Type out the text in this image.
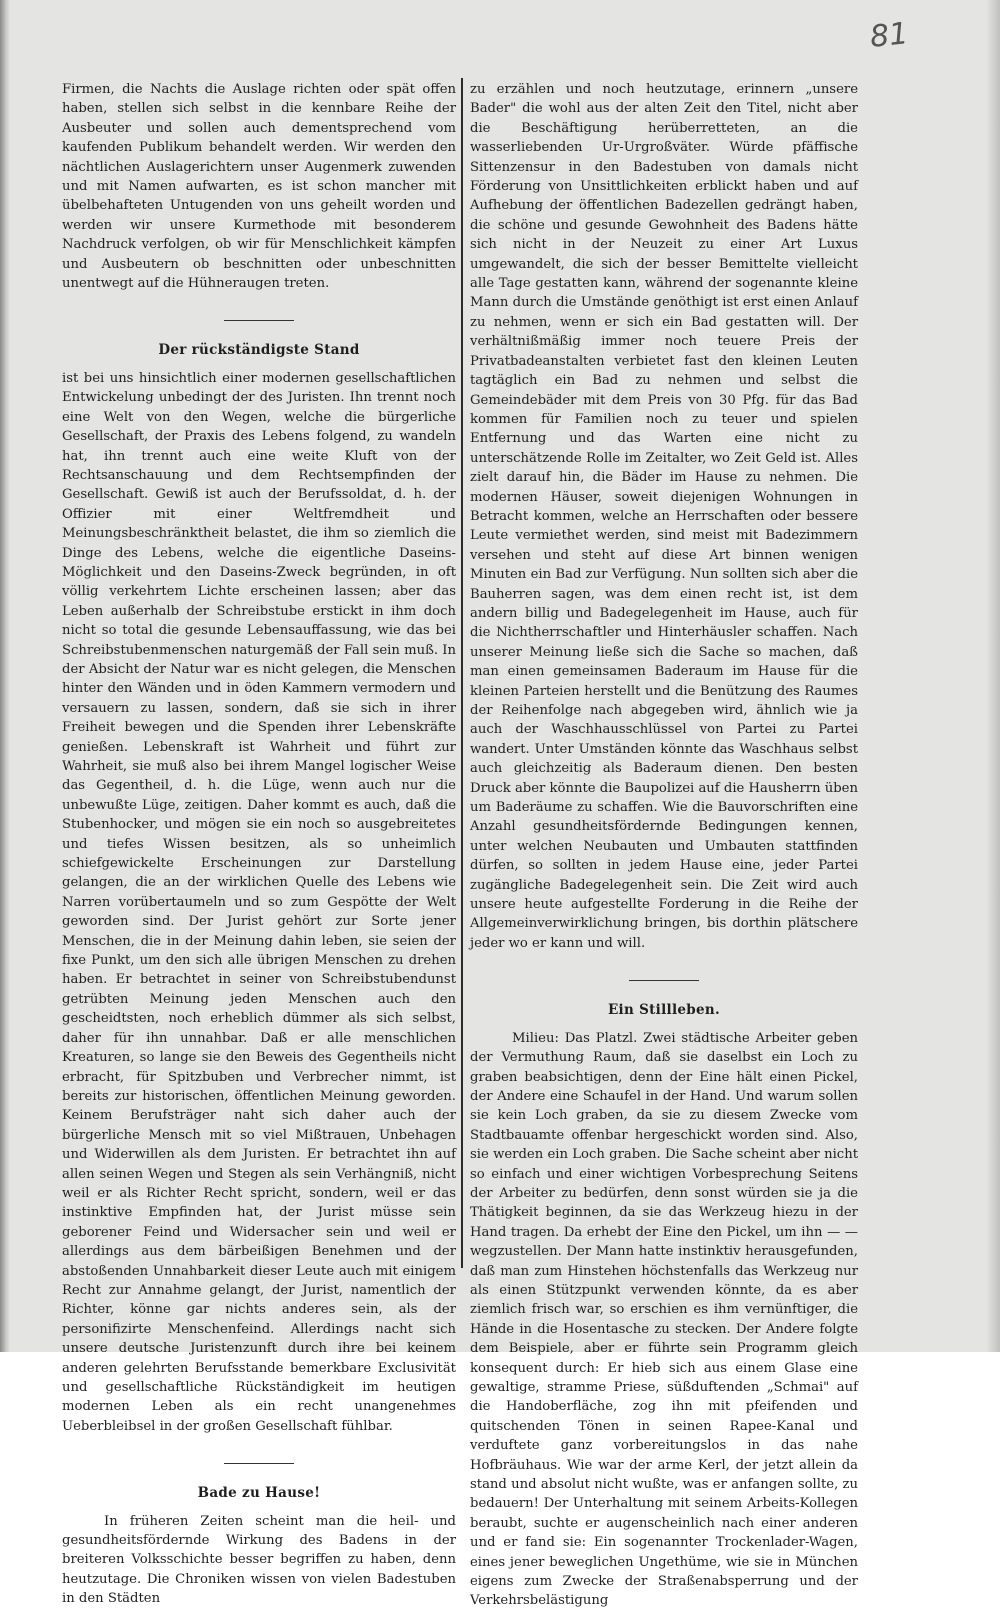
81

Firmen, die Nachts die Auslage richten oder spät offen haben, stellen sich selbst in die kennbare Reihe der Ausbeuter und sollen auch dementsprechend vom kaufenden Publikum behandelt werden. Wir werden den nächtlichen Auslagerichtern unser Augenmerk zuwenden und mit Namen aufwarten, es ist schon mancher mit übelbehafteten Untugenden von uns geheilt worden und werden wir unsere Kurmethode mit besonderem Nachdruck verfolgen, ob wir für Menschlichkeit kämpfen und Ausbeutern ob beschnitten oder unbeschnitten unentwegt auf die Hühneraugen treten.

Der rückständigste Stand

ist bei uns hinsichtlich einer modernen gesellschaftlichen Entwickelung unbedingt der des Juristen. Ihn trennt noch eine Welt von den Wegen, welche die bürgerliche Gesellschaft, der Praxis des Lebens folgend, zu wandeln hat, ihn trennt auch eine weite Kluft von der Rechtsanschauung und dem Rechtsempfinden der Gesellschaft. Gewiß ist auch der Berufssoldat, d. h. der Offizier mit einer Weltfremdheit und Meinungsbeschränktheit belastet, die ihm so ziemlich die Dinge des Lebens, welche die eigentliche Daseins-Möglichkeit und den Daseins-Zweck begründen, in oft völlig verkehrtem Lichte erscheinen lassen; aber das Leben außerhalb der Schreibstube erstickt in ihm doch nicht so total die gesunde Lebensauffassung, wie das bei Schreibstubenmenschen naturgemäß der Fall sein muß. In der Absicht der Natur war es nicht gelegen, die Menschen hinter den Wänden und in öden Kammern vermodern und versauern zu lassen, sondern, daß sie sich in ihrer Freiheit bewegen und die Spenden ihrer Lebenskräfte genießen. Lebenskraft ist Wahrheit und führt zur Wahrheit, sie muß also bei ihrem Mangel logischer Weise das Gegentheil, d. h. die Lüge, wenn auch nur die unbewußte Lüge, zeitigen. Daher kommt es auch, daß die Stubenhocker, und mögen sie ein noch so ausgebreitetes und tiefes Wissen besitzen, als so unheimlich schiefgewickelte Erscheinungen zur Darstellung gelangen, die an der wirklichen Quelle des Lebens wie Narren vorübertaumeln und so zum Gespötte der Welt geworden sind. Der Jurist gehört zur Sorte jener Menschen, die in der Meinung dahin leben, sie seien der fixe Punkt, um den sich alle übrigen Menschen zu drehen haben. Er betrachtet in seiner von Schreibstubendunst getrübten Meinung jeden Menschen auch den gescheidtsten, noch erheblich dümmer als sich selbst, daher für ihn unnahbar. Daß er alle menschlichen Kreaturen, so lange sie den Beweis des Gegentheils nicht erbracht, für Spitzbuben und Verbrecher nimmt, ist bereits zur historischen, öffentlichen Meinung geworden. Keinem Berufsträger naht sich daher auch der bürgerliche Mensch mit so viel Mißtrauen, Unbehagen und Widerwillen als dem Juristen. Er betrachtet ihn auf allen seinen Wegen und Stegen als sein Verhängniß, nicht weil er als Richter Recht spricht, sondern, weil er das instinktive Empfinden hat, der Jurist müsse sein geborener Feind und Widersacher sein und weil er allerdings aus dem bärbeißigen Benehmen und der abstoßenden Unnahbarkeit dieser Leute auch mit einigem Recht zur Annahme gelangt, der Jurist, namentlich der Richter, könne gar nichts anderes sein, als der personifizirte Menschenfeind. Allerdings nacht sich unsere deutsche Juristenzunft durch ihre bei keinem anderen gelehrten Berufsstande bemerkbare Exclusivität und gesellschaftliche Rückständigkeit im heutigen modernen Leben als ein recht unangenehmes Ueberbleibsel in der großen Gesellschaft fühlbar.

Bade zu Hause!

In früheren Zeiten scheint man die heil- und gesundheitsfördernde Wirkung des Badens in der breiteren Volksschichte besser begriffen zu haben, denn heutzutage. Die Chroniken wissen von vielen Badestuben in den Städten

zu erzählen und noch heutzutage, erinnern „unsere Bader" die wohl aus der alten Zeit den Titel, nicht aber die Beschäftigung herüberretteten, an die wasserliebenden Ur-Urgroßväter. Würde pfäffische Sittenzensur in den Badestuben von damals nicht Förderung von Unsittlichkeiten erblickt haben und auf Aufhebung der öffentlichen Badezellen gedrängt haben, die schöne und gesunde Gewohnheit des Badens hätte sich nicht in der Neuzeit zu einer Art Luxus umgewandelt, die sich der besser Bemittelte vielleicht alle Tage gestatten kann, während der sogenannte kleine Mann durch die Umstände genöthigt ist erst einen Anlauf zu nehmen, wenn er sich ein Bad gestatten will. Der verhältnißmäßig immer noch teuere Preis der Privatbadeanstalten verbietet fast den kleinen Leuten tagtäglich ein Bad zu nehmen und selbst die Gemeindebäder mit dem Preis von 30 Pfg. für das Bad kommen für Familien noch zu teuer und spielen Entfernung und das Warten eine nicht zu unterschätzende Rolle im Zeitalter, wo Zeit Geld ist. Alles zielt darauf hin, die Bäder im Hause zu nehmen. Die modernen Häuser, soweit diejenigen Wohnungen in Betracht kommen, welche an Herrschaften oder bessere Leute vermiethet werden, sind meist mit Badezimmern versehen und steht auf diese Art binnen wenigen Minuten ein Bad zur Verfügung. Nun sollten sich aber die Bauherren sagen, was dem einen recht ist, ist dem andern billig und Badegelegenheit im Hause, auch für die Nichtherrschaftler und Hinterhäusler schaffen. Nach unserer Meinung ließe sich die Sache so machen, daß man einen gemeinsamen Baderaum im Hause für die kleinen Parteien herstellt und die Benützung des Raumes der Reihenfolge nach abgegeben wird, ähnlich wie ja auch der Waschhausschlüssel von Partei zu Partei wandert. Unter Umständen könnte das Waschhaus selbst auch gleichzeitig als Baderaum dienen. Den besten Druck aber könnte die Baupolizei auf die Hausherrn üben um Baderäume zu schaffen. Wie die Bauvorschriften eine Anzahl gesundheitsfördernde Bedingungen kennen, unter welchen Neubauten und Umbauten stattfinden dürfen, so sollten in jedem Hause eine, jeder Partei zugängliche Badegelegenheit sein. Die Zeit wird auch unsere heute aufgestellte Forderung in die Reihe der Allgemeinverwirklichung bringen, bis dorthin plätschere jeder wo er kann und will.

Ein Stillleben.

Milieu: Das Platzl. Zwei städtische Arbeiter geben der Vermuthung Raum, daß sie daselbst ein Loch zu graben beabsichtigen, denn der Eine hält einen Pickel, der Andere eine Schaufel in der Hand. Und warum sollen sie kein Loch graben, da sie zu diesem Zwecke vom Stadtbauamte offenbar hergeschickt worden sind. Also, sie werden ein Loch graben. Die Sache scheint aber nicht so einfach und einer wichtigen Vorbesprechung Seitens der Arbeiter zu bedürfen, denn sonst würden sie ja die Thätigkeit beginnen, da sie das Werkzeug hiezu in der Hand tragen. Da erhebt der Eine den Pickel, um ihn — — wegzustellen. Der Mann hatte instinktiv herausgefunden, daß man zum Hinstehen höchstenfalls das Werkzeug nur als einen Stützpunkt verwenden könnte, da es aber ziemlich frisch war, so erschien es ihm vernünftiger, die Hände in die Hosentasche zu stecken. Der Andere folgte dem Beispiele, aber er führte sein Programm gleich konsequent durch: Er hieb sich aus einem Glase eine gewaltige, stramme Priese, süßduftenden „Schmai" auf die Handoberfläche, zog ihn mit pfeifenden und quitschenden Tönen in seinen Rapee-Kanal und verduftete ganz vorbereitungslos in das nahe Hofbräuhaus. Wie war der arme Kerl, der jetzt allein da stand und absolut nicht wußte, was er anfangen sollte, zu bedauern! Der Unterhaltung mit seinem Arbeits-Kollegen beraubt, suchte er augenscheinlich nach einer anderen und er fand sie: Ein sogenannter Trockenlader-Wagen, eines jener beweglichen Ungethüme, wie sie in München eigens zum Zwecke der Straßenabsperrung und der Verkehrsbelästigung
